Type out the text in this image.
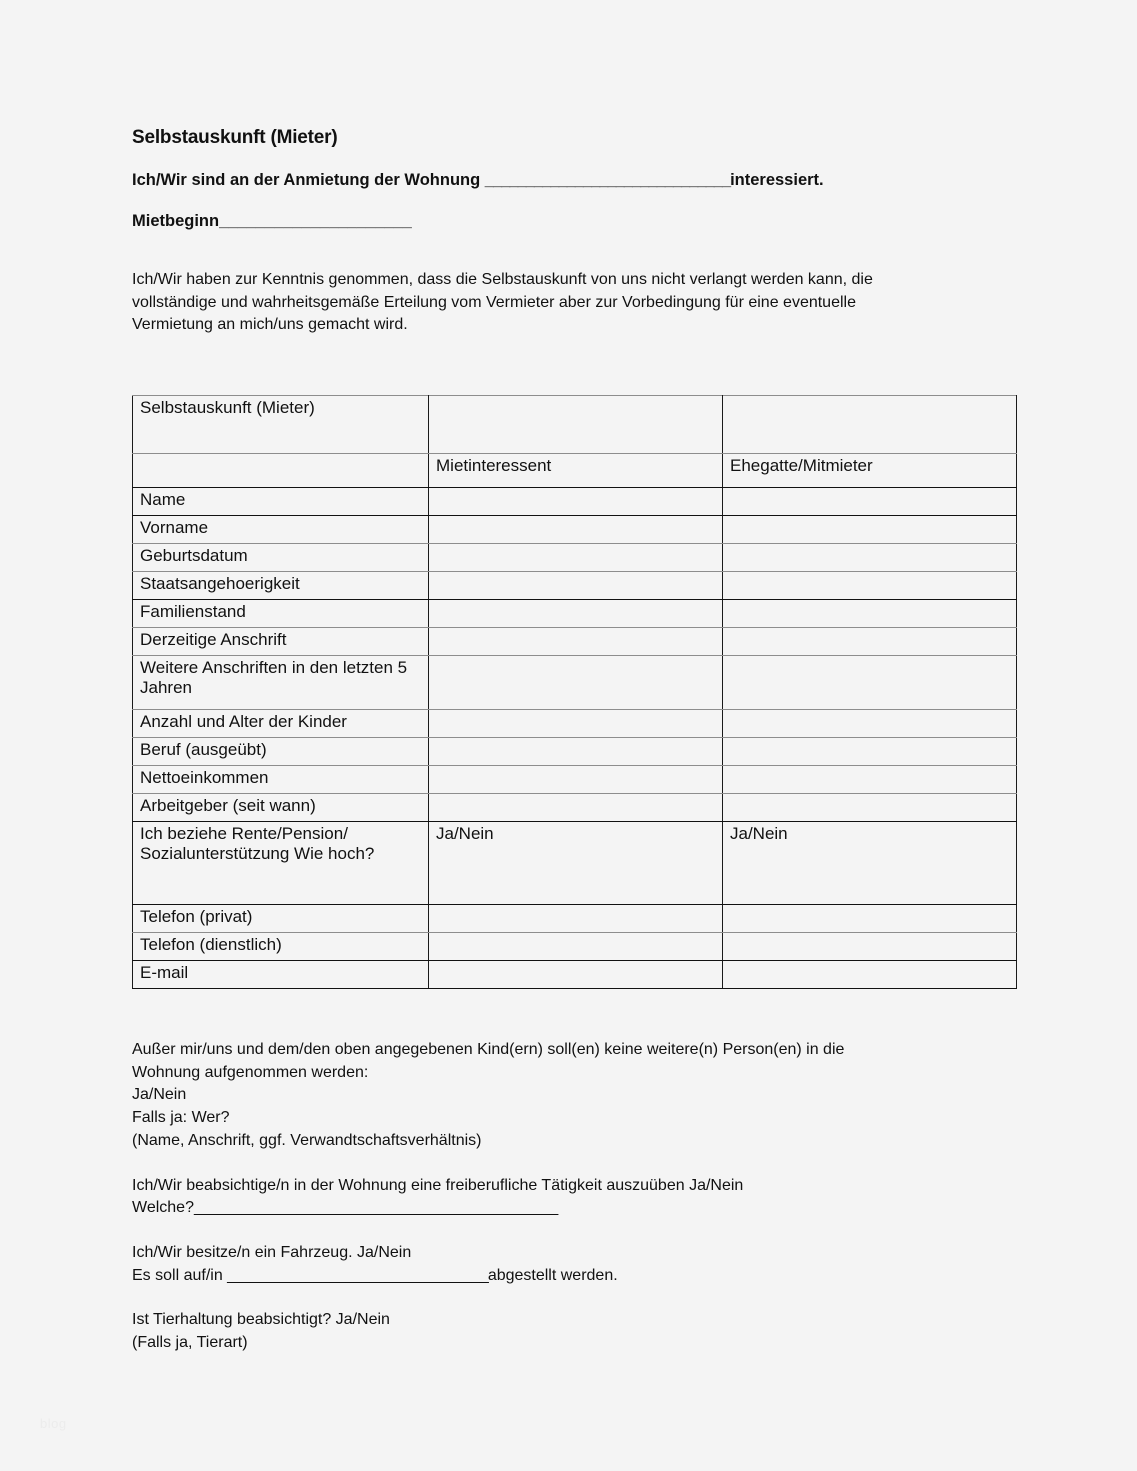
Selbstauskunft (Mieter)

Ich/Wir sind an der Anmietung der Wohnung ______________________________interessiert.

Mietbeginn_____________________

Ich/Wir haben zur Kenntnis genommen, dass die Selbstauskunft von uns nicht verlangt werden kann, die vollständige und wahrheitsgemäße Erteilung vom Vermieter aber zur Vorbedingung für eine eventuelle Vermietung an mich/uns gemacht wird.

Selbstauskunft (Mieter)		
	Mietinteressent	Ehegatte/Mitmieter
Name		
Vorname		
Geburtsdatum		
Staatsangehoerigkeit		
Familienstand		
Derzeitige Anschrift		
Weitere Anschriften in den letzten 5 Jahren		
Anzahl und Alter der Kinder		
Beruf (ausgeübt)		
Nettoeinkommen		
Arbeitgeber (seit wann)		
Ich beziehe Rente/Pension/ Sozialunterstützung Wie hoch?	Ja/Nein	Ja/Nein
Telefon (privat)		
Telefon (dienstlich)		
E-mail		

Außer mir/uns und dem/den oben angegebenen Kind(ern) soll(en) keine weitere(n) Person(en) in die

Wohnung aufgenommen werden:

Ja/Nein

Falls ja: Wer?

(Name, Anschrift, ggf. Verwandtschaftsverhältnis)

Ich/Wir beabsichtige/n in der Wohnung eine freiberufliche Tätigkeit auszuüben Ja/Nein

Welche?______________________________________________

Ich/Wir besitze/n ein Fahrzeug. Ja/Nein

Es soll auf/in _________________________________abgestellt werden.

Ist Tierhaltung beabsichtigt? Ja/Nein

(Falls ja, Tierart)

blog
